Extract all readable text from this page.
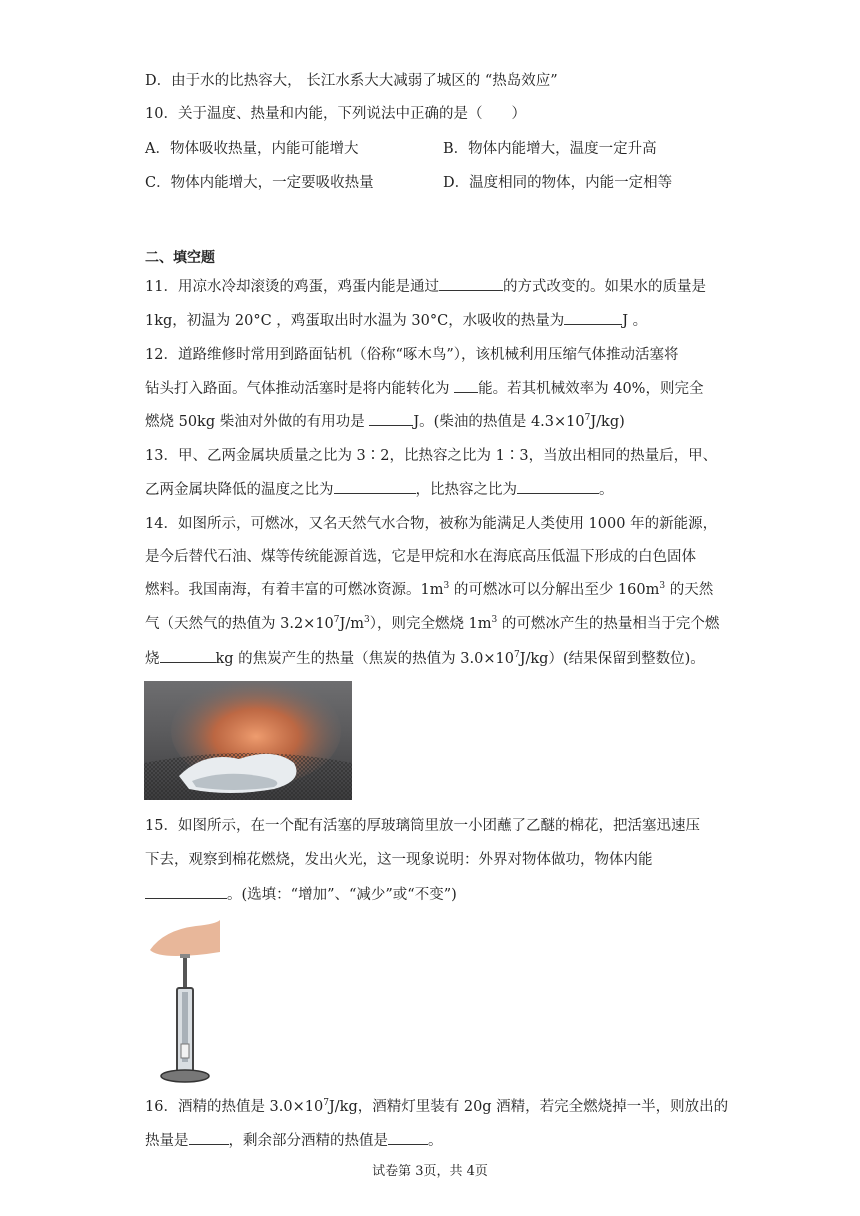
D．由于水的比热容大， 长江水系大大减弱了城区的 “热岛效应”
10．关于温度、热量和内能，下列说法中正确的是（　　）
A．物体吸收热量，内能可能增大	B．物体内能增大，温度一定升高
C．物体内能增大，一定要吸收热量	D．温度相同的物体，内能一定相等
二、填空题
11．用凉水冷却滚烫的鸡蛋，鸡蛋内能是通过	的方式改变的。如果水的质量是
1kg，初温为 20°C ，鸡蛋取出时水温为 30°C，水吸收的热量为	J 。
12．道路维修时常用到路面钻机（俗称“啄木鸟”），该机械利用压缩气体推动活塞将
钻头打入路面。气体推动活塞时是将内能转化为 能。若其机械效率为 40%，则完全
燃烧 50kg 柴油对外做的有用功是	J。(柴油的热值是 $4.3\times 10^7J/kg$)
13．甲、乙两金属块质量之比为 3∶2，比热容之比为 1∶3，当放出相同的热量后，甲、
乙两金属块降低的温度之比为	，比热容之比为	。
14．如图所示，可燃冰，又名天然气水合物，被称为能满足人类使用 1000 年的新能源，
是今后替代石油、煤等传统能源首选，它是甲烷和水在海底高压低温下形成的白色固体
燃料。我国南海，有着丰富的可燃冰资源。$1m^3$ 的可燃冰可以分解出至少 $160m^3$ 的天然
气（天然气的热值为 $3.2\times 10^7J/m^3$），则完全燃烧 $1m^3$ 的可燃冰产生的热量相当于完个燃
烧	kg 的焦炭产生的热量（焦炭的热值为 $3.0\times 10^7J/kg$）(结果保留到整数位)。
15．如图所示，在一个配有活塞的厚玻璃筒里放一小团蘸了乙醚的棉花，把活塞迅速压
下去，观察到棉花燃烧，发出火光，这一现象说明：外界对物体做功，物体内能
。(选填：“增加”、“减少”或“不变”)
16．酒精的热值是 $3.0\times 10^7J/kg$，酒精灯里装有 20g 酒精，若完全燃烧掉一半，则放出的
热量是	，剩余部分酒精的热值是	。
试卷第 3页，共 4页
